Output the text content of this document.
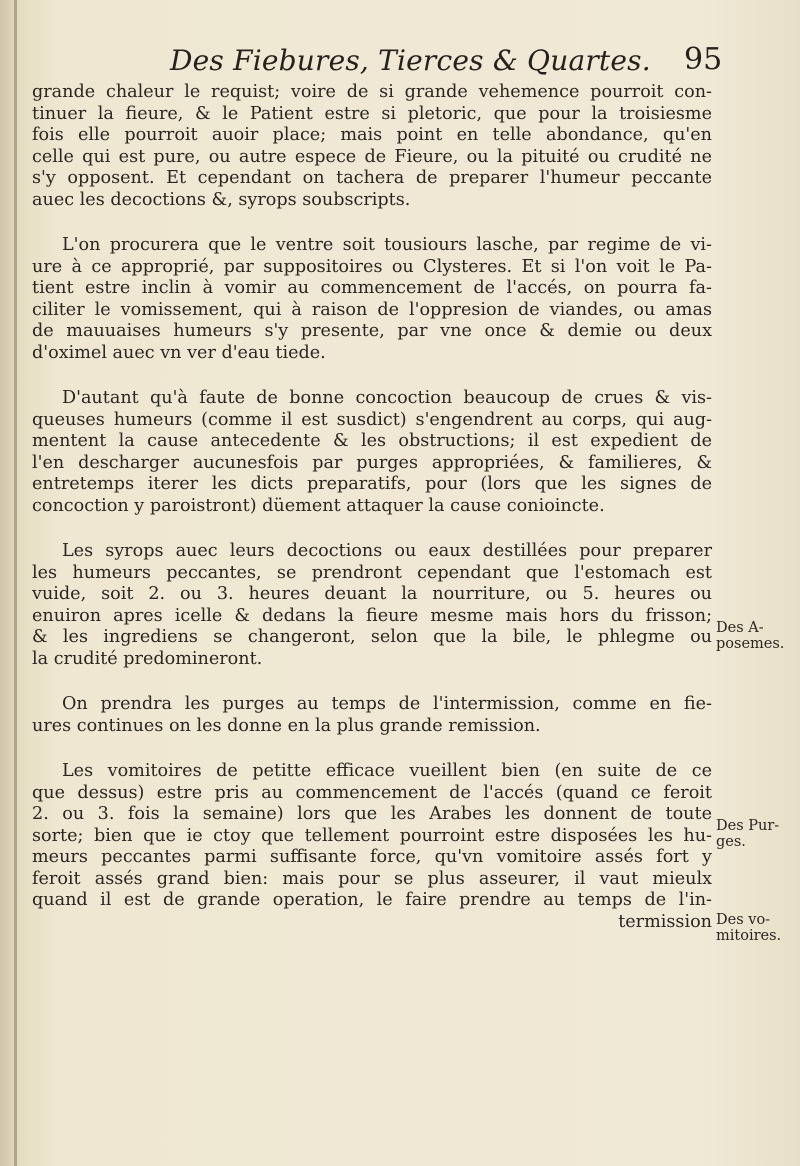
Des Fiebures, Tierces & Quartes. 95
grande chaleur le requist; voire de si grande vehemence pourroit con-
tinuer la fieure, & le Patient estre si pletoric, que pour la troisiesme
fois elle pourroit auoir place; mais point en telle abondance, qu'en
celle qui est pure, ou autre espece de Fieure, ou la pituité ou crudité ne
s'y opposent. Et cependant on tachera de preparer l'humeur peccante
auec les decoctions &, syrops soubscripts.
L'on procurera que le ventre soit tousiours lasche, par regime de vi-
ure à ce approprié, par suppositoires ou Clysteres. Et si l'on voit le Pa-
tient estre inclin à vomir au commencement de l'accés, on pourra fa-
ciliter le vomissement, qui à raison de l'oppresion de viandes, ou amas
de mauuaises humeurs s'y presente, par vne once & demie ou deux
d'oximel auec vn ver d'eau tiede.
D'autant qu'à faute de bonne concoction beaucoup de crues & vis-
queuses humeurs (comme il est susdict) s'engendrent au corps, qui aug-
mentent la cause antecedente & les obstructions; il est expedient de
l'en descharger aucunesfois par purges appropriées, & familieres, &
entretemps iterer les dicts preparatifs, pour (lors que les signes de
concoction y paroistront) düement attaquer la cause conioincte.
Les syrops auec leurs decoctions ou eaux destillées pour preparer
les humeurs peccantes, se prendront cependant que l'estomach est
vuide, soit 2. ou 3. heures deuant la nourriture, ou 5. heures ou
enuiron apres icelle & dedans la fieure mesme mais hors du frisson;
& les ingrediens se changeront, selon que la bile, le phlegme ou
la crudité predomineront.
On prendra les purges au temps de l'intermission, comme en fie-
ures continues on les donne en la plus grande remission.
Les vomitoires de petitte efficace vueillent bien (en suite de ce
que dessus) estre pris au commencement de l'accés (quand ce feroit
2. ou 3. fois la semaine) lors que les Arabes les donnent de toute
sorte; bien que ie ctoy que tellement pourroint estre disposées les hu-
meurs peccantes parmi suffisante force, qu'vn vomitoire assés fort y
feroit assés grand bien: mais pour se plus asseurer, il vaut mieulx
quand il est de grande operation, le faire prendre au temps de l'in-
termission
Des A-
posemes.
Des Pur-
ges.
Des vo-
mitoires.
